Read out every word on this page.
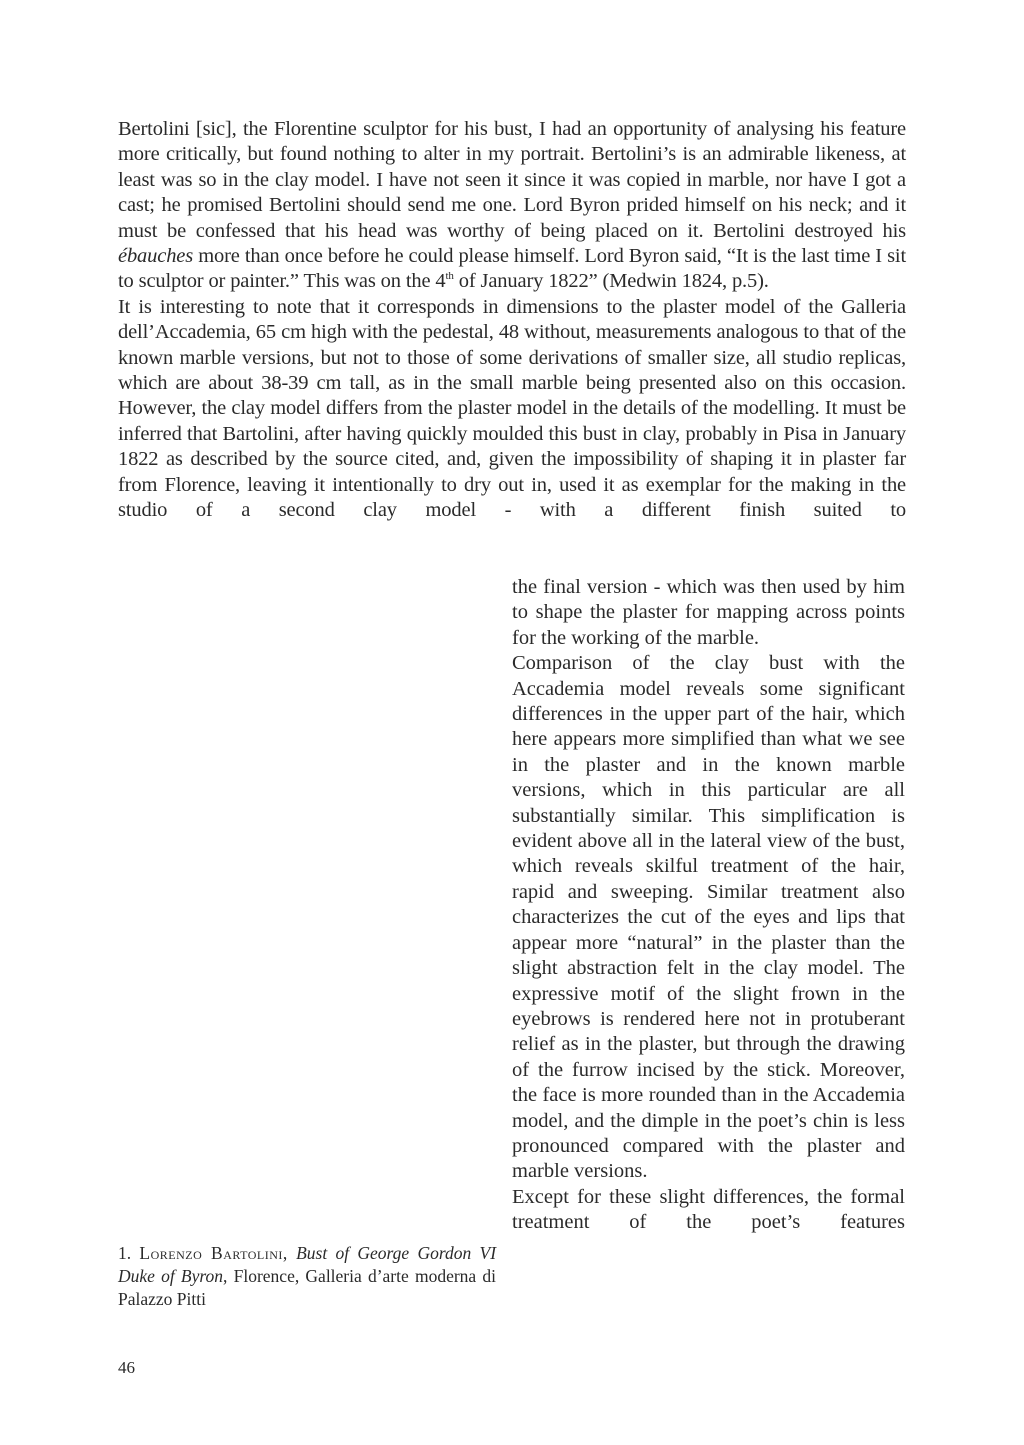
Bertolini [sic], the Florentine sculptor for his bust, I had an opportunity of analysing his feature more critically, but found nothing to alter in my portrait. Bertolini’s is an admirable likeness, at least was so in the clay model. I have not seen it since it was copied in marble, nor have I got a cast; he promised Bertolini should send me one. Lord Byron prided himself on his neck; and it must be confessed that his head was worthy of being placed on it. Bertolini destroyed his ébauches more than once before he could please himself. Lord Byron said, “It is the last time I sit to sculptor or painter.” This was on the 4th of January 1822” (Medwin 1824, p.5).

It is interesting to note that it corresponds in dimensions to the plaster model of the Galleria dell’Accademia, 65 cm high with the pedestal, 48 without, measurements analogous to that of the known marble versions, but not to those of some derivations of smaller size, all studio replicas, which are about 38-39 cm tall, as in the small marble being presented also on this occasion. However, the clay model differs from the plaster model in the details of the modelling. It must be inferred that Bartolini, after having quickly moulded this bust in clay, probably in Pisa in January 1822 as described by the source cited, and, given the impossibility of shaping it in plaster far from Florence, leaving it intentionally to dry out in, used it as exemplar for the making in the studio of a second clay model - with a different finish suited to

the final version - which was then used by him to shape the plaster for mapping across points for the working of the marble.

Comparison of the clay bust with the Accademia model reveals some significant differences in the upper part of the hair, which here appears more simplified than what we see in the plaster and in the known marble versions, which in this particular are all substantially similar. This simplification is evident above all in the lateral view of the bust, which reveals skilful treatment of the hair, rapid and sweeping. Similar treatment also characterizes the cut of the eyes and lips that appear more “natural” in the plaster than the slight abstraction felt in the clay model. The expressive motif of the slight frown in the eyebrows is rendered here not in protuberant relief as in the plaster, but through the drawing of the furrow incised by the stick. Moreover, the face is more rounded than in the Accademia model, and the dimple in the poet’s chin is less pronounced compared with the plaster and marble versions.

Except for these slight differences, the formal treatment of the poet’s features

1. Lorenzo Bartolini, Bust of George Gordon VI Duke of Byron, Florence, Galleria d’arte moderna di Palazzo Pitti
46
